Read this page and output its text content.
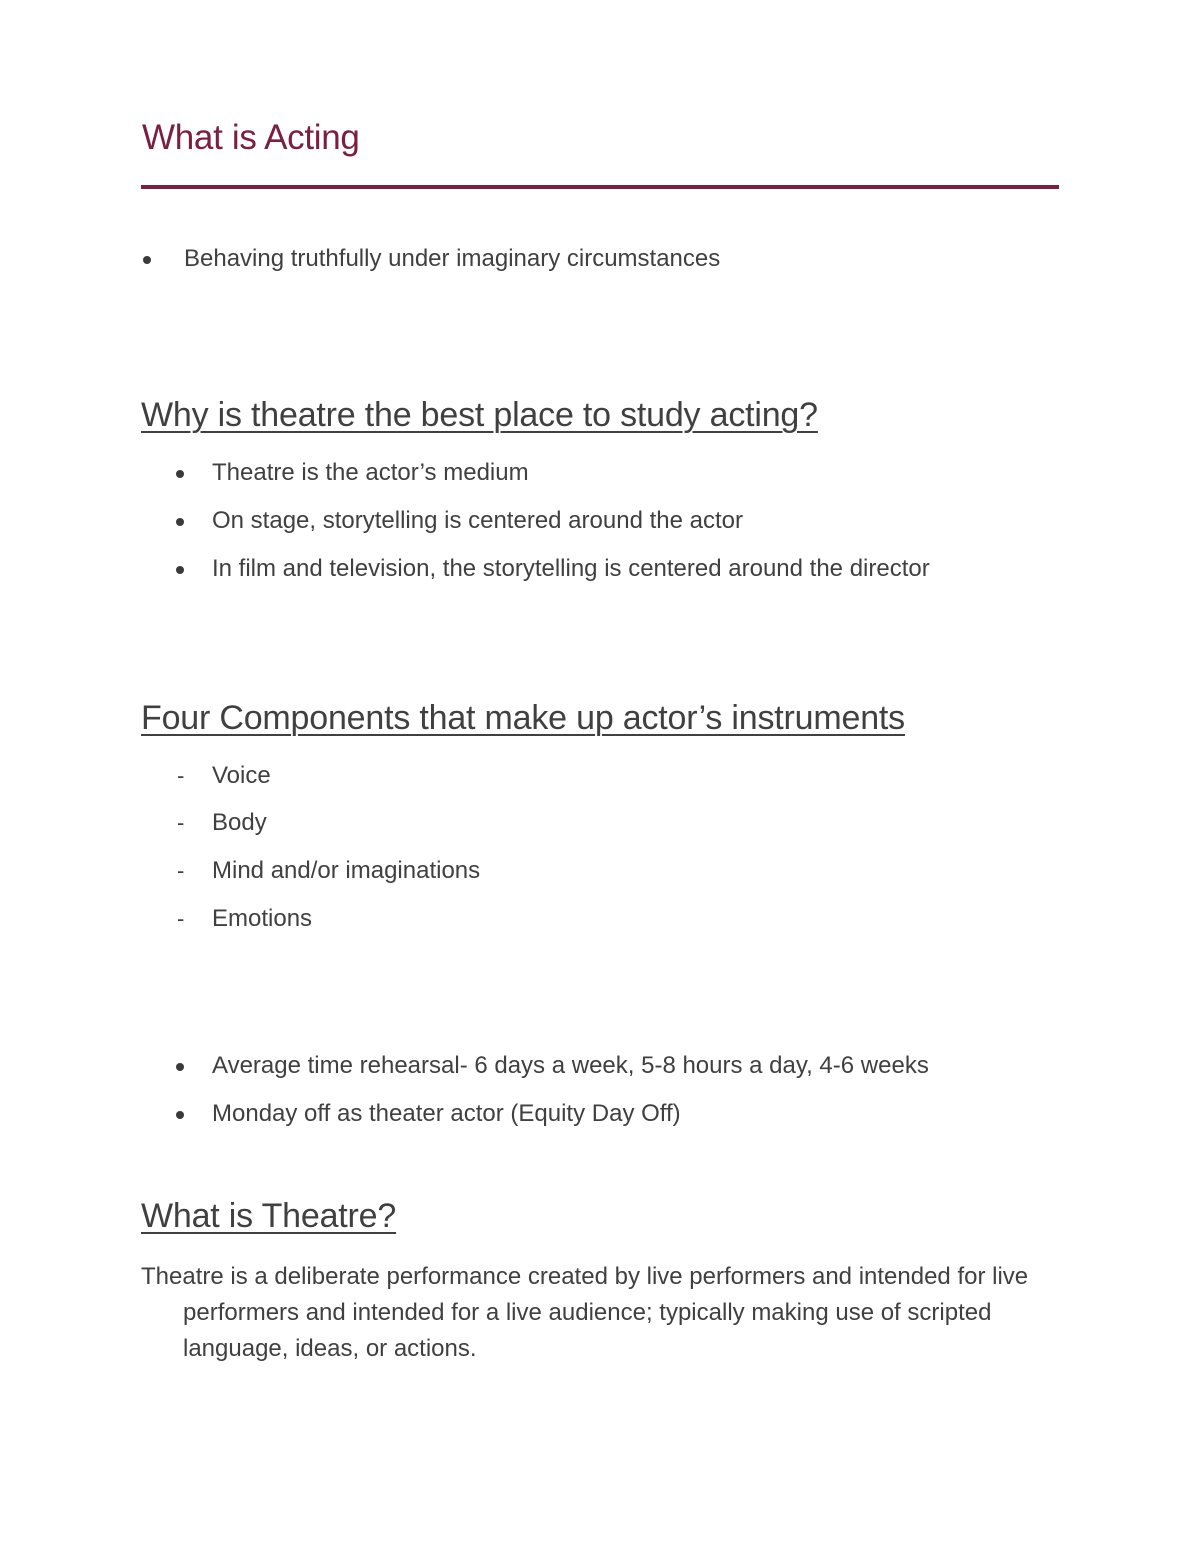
What is Acting
Behaving truthfully under imaginary circumstances
Why is theatre the best place to study acting?
Theatre is the actor’s medium
On stage, storytelling is centered around the actor
In film and television, the storytelling is centered around the director
Four Components that make up actor’s instruments
- Voice
- Body
- Mind and/or imaginations
- Emotions
Average time rehearsal- 6 days a week, 5-8 hours a day, 4-6 weeks
Monday off as theater actor (Equity Day Off)
What is Theatre?
Theatre is a deliberate performance created by live performers and intended for live performers and intended for a live audience; typically making use of scripted language, ideas, or actions.
